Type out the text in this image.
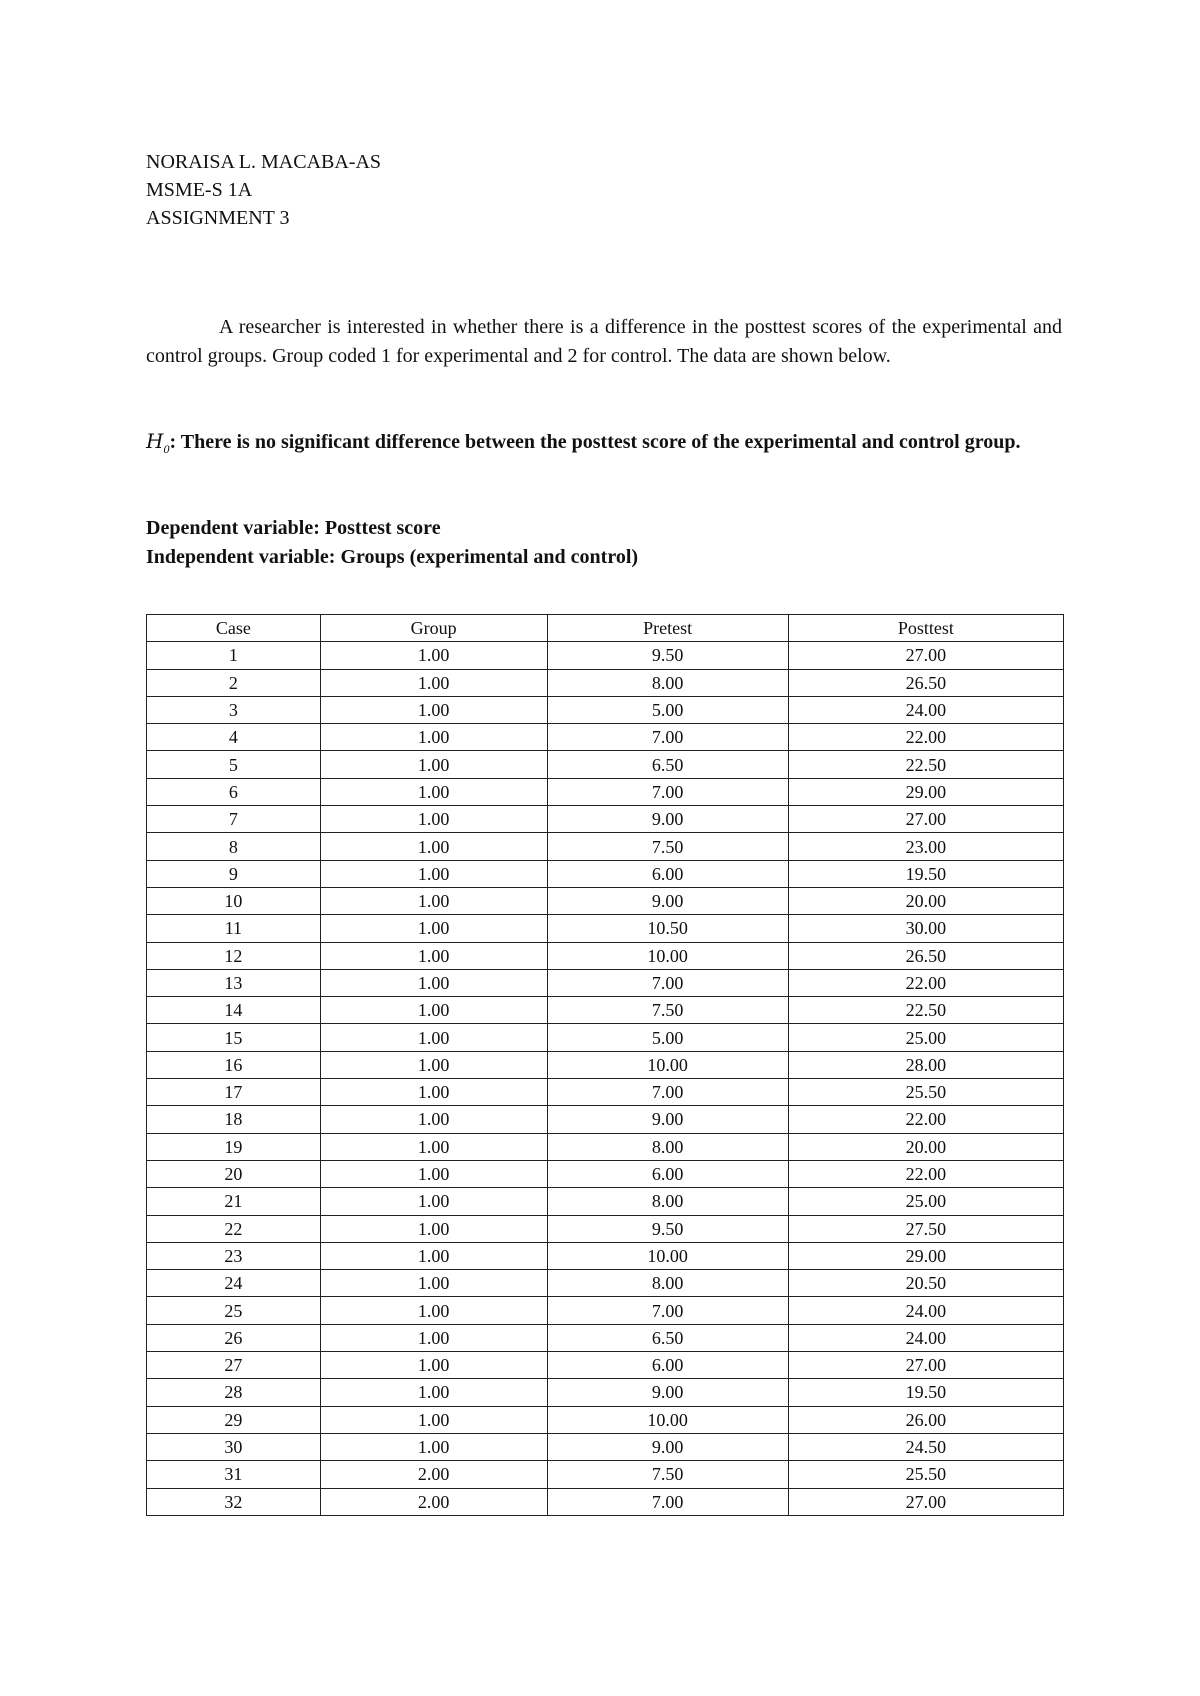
NORAISA L. MACABA-AS
MSME-S 1A
ASSIGNMENT 3
A researcher is interested in whether there is a difference in the posttest scores of the experimental and control groups. Group coded 1 for experimental and 2 for control. The data are shown below.
$H_0$: There is no significant difference between the posttest score of the experimental and control group.
Dependent variable: Posttest score
Independent variable: Groups (experimental and control)
Case	Group	Pretest	Posttest
1	1.00	9.50	27.00
2	1.00	8.00	26.50
3	1.00	5.00	24.00
4	1.00	7.00	22.00
5	1.00	6.50	22.50
6	1.00	7.00	29.00
7	1.00	9.00	27.00
8	1.00	7.50	23.00
9	1.00	6.00	19.50
10	1.00	9.00	20.00
11	1.00	10.50	30.00
12	1.00	10.00	26.50
13	1.00	7.00	22.00
14	1.00	7.50	22.50
15	1.00	5.00	25.00
16	1.00	10.00	28.00
17	1.00	7.00	25.50
18	1.00	9.00	22.00
19	1.00	8.00	20.00
20	1.00	6.00	22.00
21	1.00	8.00	25.00
22	1.00	9.50	27.50
23	1.00	10.00	29.00
24	1.00	8.00	20.50
25	1.00	7.00	24.00
26	1.00	6.50	24.00
27	1.00	6.00	27.00
28	1.00	9.00	19.50
29	1.00	10.00	26.00
30	1.00	9.00	24.50
31	2.00	7.50	25.50
32	2.00	7.00	27.00
